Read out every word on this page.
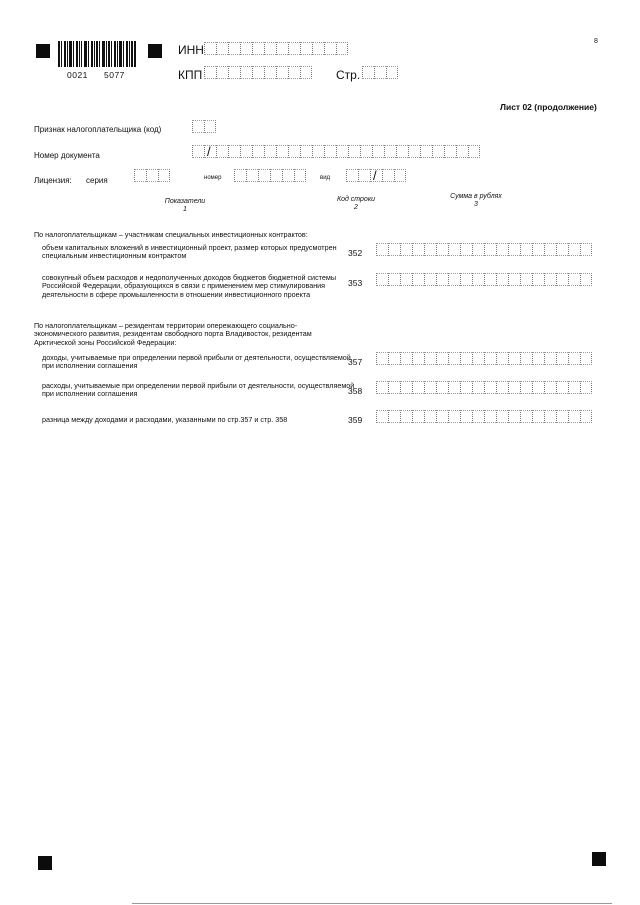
0021 5077
8
ИНН
КПП	Стр.
Лист 02 (продолжение)
Признак налогоплательщика (код)
Номер документа
/
Лицензия: серия	номер	вид
/
Показатели
1
Код строки
2
Сумма в рублях
3
По налогоплательщикам – участникам специальных инвестиционных контрактов:
объем капитальных вложений в инвестиционный проект, размер которых предусмотрен специальным инвестиционным контрактом	352
совокупный объем расходов и недополученных доходов бюджетов бюджетной системы Российской Федерации, образующихся в связи с применением мер стимулирования деятельности в сфере промышленности в отношении инвестиционного проекта
353
По налогоплательщикам – резидентам территории опережающего социально-экономического развития, резидентам свободного порта Владивосток, резидентам Арктической зоны Российской Федерации:
доходы, учитываемые при определении первой прибыли от деятельности, осуществляемой при исполнении соглашения	357
расходы, учитываемые при определении первой прибыли от деятельности, осуществляемой при исполнении соглашения	358
разница между доходами и расходами, указанными по стр.357 и стр. 358	359
